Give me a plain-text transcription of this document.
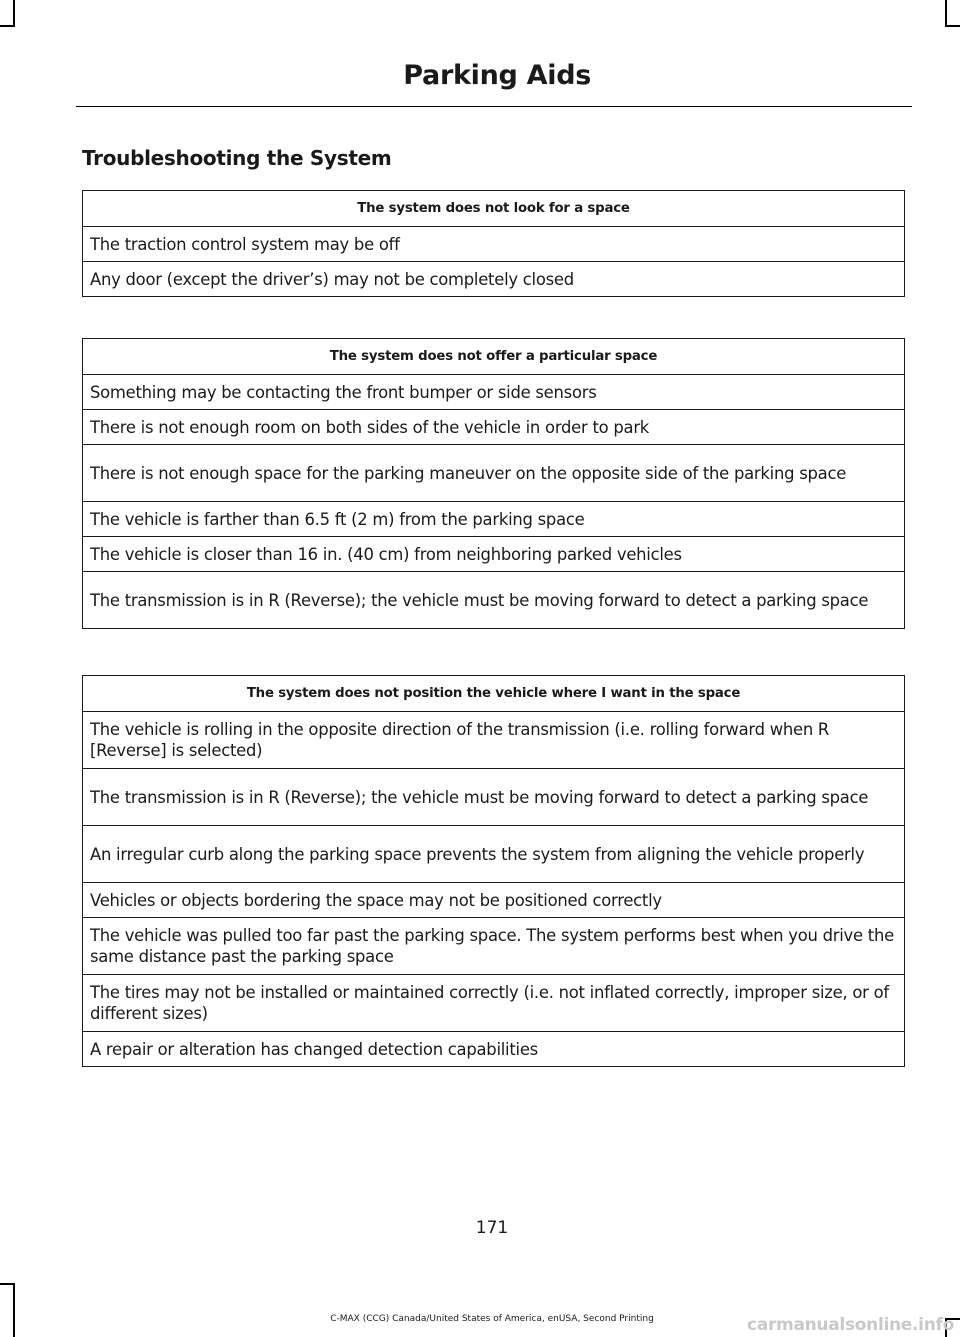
Parking Aids
Troubleshooting the System
The system does not look for a space
The traction control system may be off
Any door (except the driver’s) may not be completely closed
The system does not offer a particular space
Something may be contacting the front bumper or side sensors
There is not enough room on both sides of the vehicle in order to park
There is not enough space for the parking maneuver on the opposite side of the parking space
The vehicle is farther than 6.5 ft (2 m) from the parking space
The vehicle is closer than 16 in. (40 cm) from neighboring parked vehicles
The transmission is in R (Reverse); the vehicle must be moving forward to detect a parking space
The system does not position the vehicle where I want in the space
The vehicle is rolling in the opposite direction of the transmission (i.e. rolling forward when R [Reverse] is selected)
The transmission is in R (Reverse); the vehicle must be moving forward to detect a parking space
An irregular curb along the parking space prevents the system from aligning the vehicle properly
Vehicles or objects bordering the space may not be positioned correctly
The vehicle was pulled too far past the parking space. The system performs best when you drive the same distance past the parking space
The tires may not be installed or maintained correctly (i.e. not inflated correctly, improper size, or of different sizes)
A repair or alteration has changed detection capabilities
171
C-MAX (CCG) Canada/United States of America, enUSA, Second Printing	carmanualsonline.info
